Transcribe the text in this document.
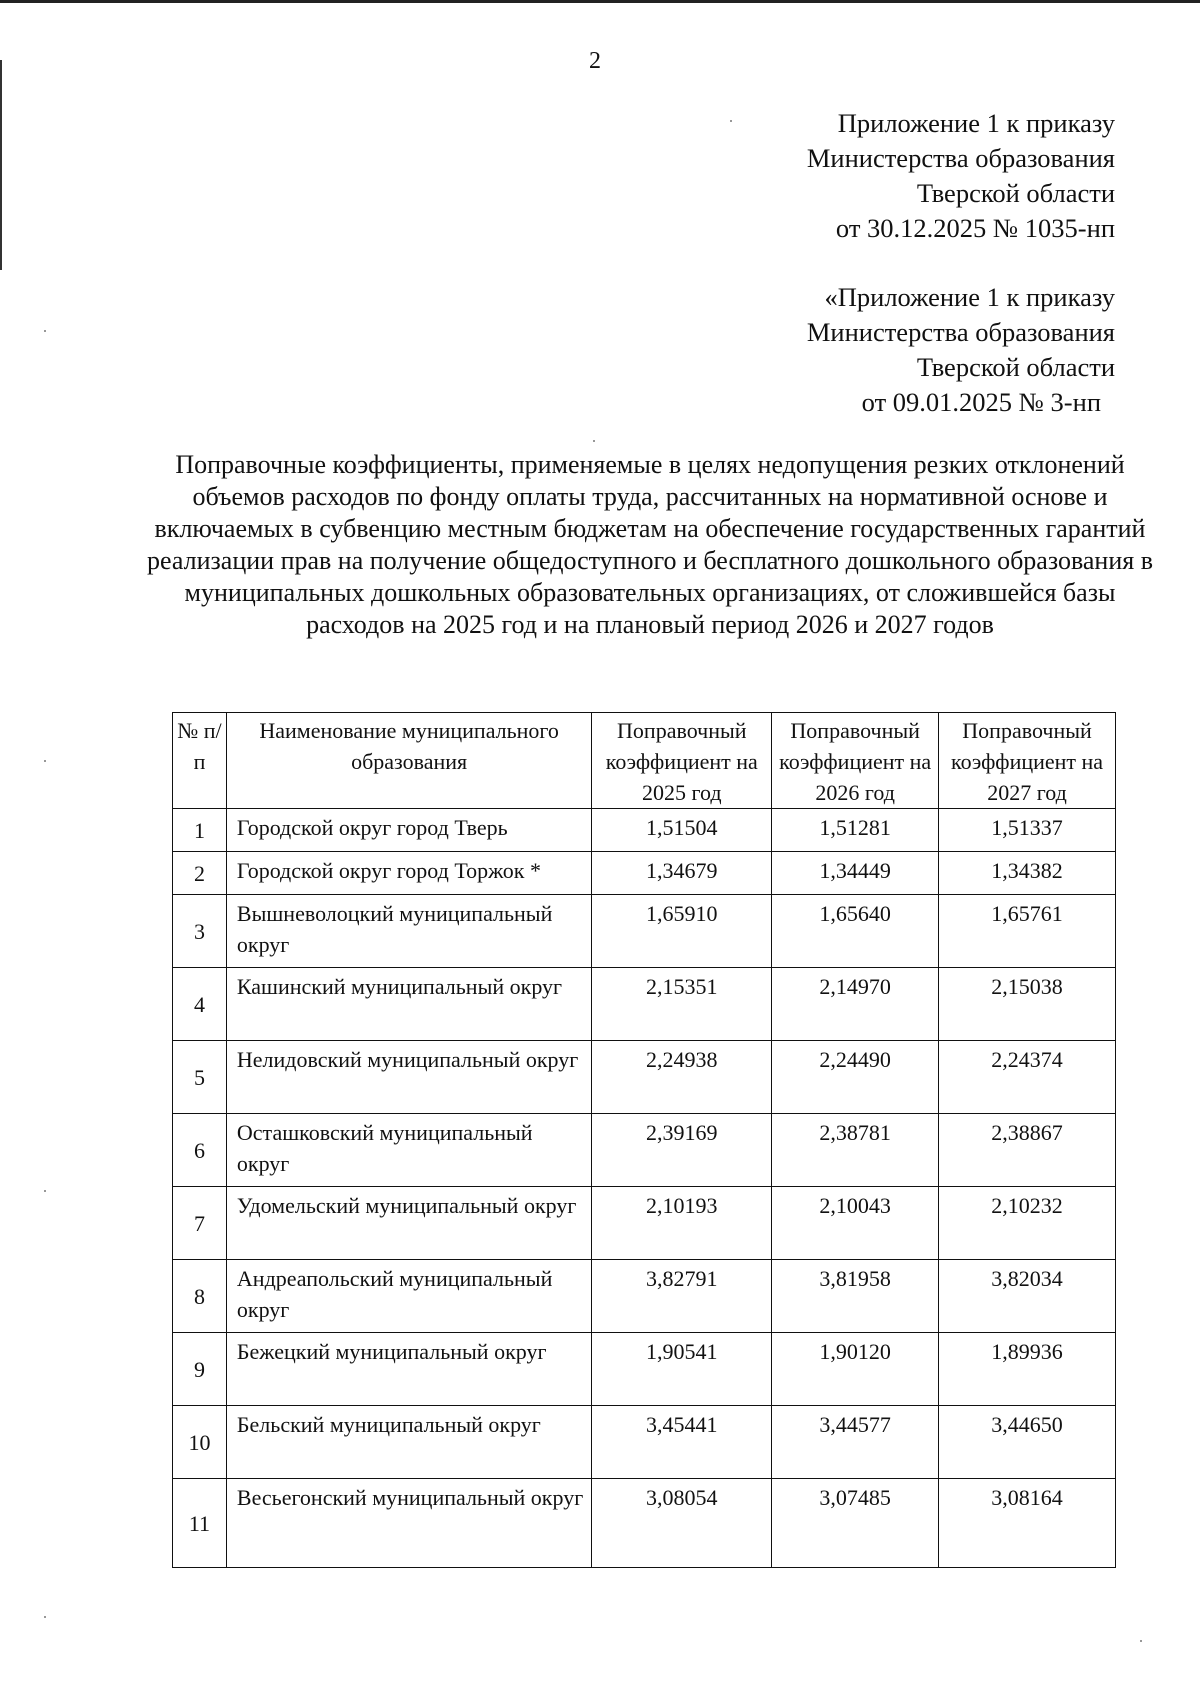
2
Приложение 1 к приказу
Министерства образования
Тверской области
от 30.12.2025 № 1035-нп
«Приложение 1 к приказу
Министерства образования
Тверской области
от 09.01.2025 № 3-нп
Поправочные коэффициенты, применяемые в целях недопущения резких отклонений объемов расходов по фонду оплаты труда, рассчитанных на нормативной основе и включаемых в субвенцию местным бюджетам на обеспечение государственных гарантий реализации прав на получение общедоступного и бесплатного дошкольного образования в муниципальных дошкольных образовательных организациях, от сложившейся базы расходов на 2025 год и на плановый период 2026 и 2027 годов
№ п/п	Наименование муниципального образования	Поправочный коэффициент на 2025 год	Поправочный коэффициент на 2026 год	Поправочный коэффициент на 2027 год
1	Городской округ город Тверь	1,51504	1,51281	1,51337
2	Городской округ город Торжок *	1,34679	1,34449	1,34382
3	Вышневолоцкий муниципальный округ	1,65910	1,65640	1,65761
4	Кашинский муниципальный округ	2,15351	2,14970	2,15038
5	Нелидовский муниципальный округ	2,24938	2,24490	2,24374
6	Осташковский муниципальный округ	2,39169	2,38781	2,38867
7	Удомельский муниципальный округ	2,10193	2,10043	2,10232
8	Андреапольский муниципальный округ	3,82791	3,81958	3,82034
9	Бежецкий муниципальный округ	1,90541	1,90120	1,89936
10	Бельский муниципальный округ	3,45441	3,44577	3,44650
11	Весьегонский муниципальный округ	3,08054	3,07485	3,08164
